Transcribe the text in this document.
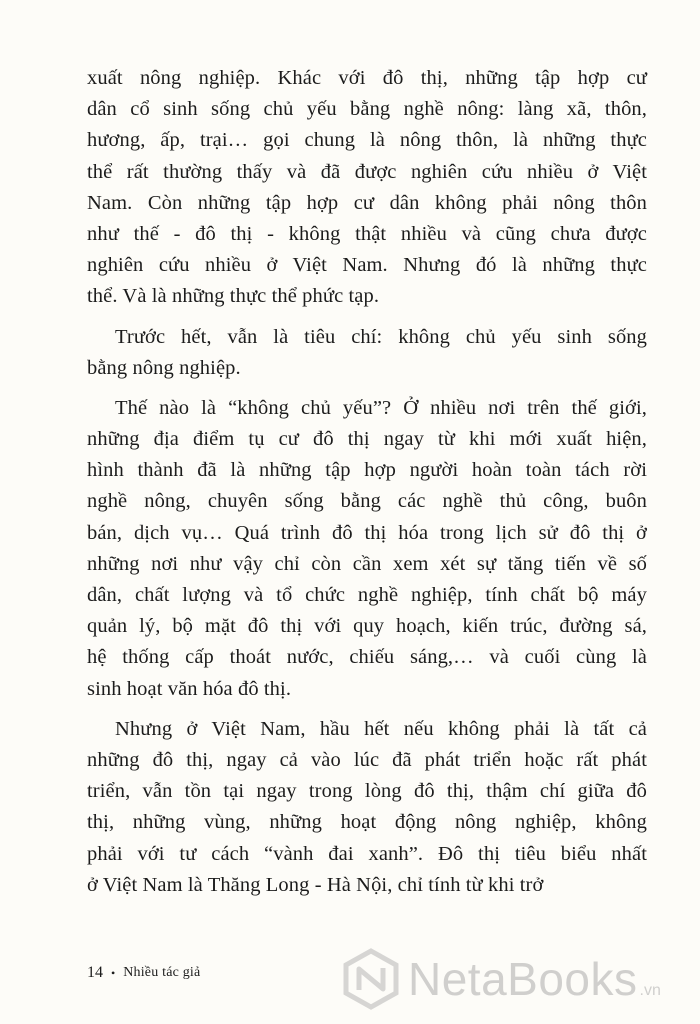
xuất nông nghiệp. Khác với đô thị, những tập hợp cư
dân cổ sinh sống chủ yếu bằng nghề nông: làng xã, thôn,
hương, ấp, trại… gọi chung là nông thôn, là những thực
thể rất thường thấy và đã được nghiên cứu nhiều ở Việt
Nam. Còn những tập hợp cư dân không phải nông thôn
như thế - đô thị - không thật nhiều và cũng chưa được
nghiên cứu nhiều ở Việt Nam. Nhưng đó là những thực
thể. Và là những thực thể phức tạp.
Trước hết, vẫn là tiêu chí: không chủ yếu sinh sống
bằng nông nghiệp.
Thế nào là “không chủ yếu”? Ở nhiều nơi trên thế giới,
những địa điểm tụ cư đô thị ngay từ khi mới xuất hiện,
hình thành đã là những tập hợp người hoàn toàn tách rời
nghề nông, chuyên sống bằng các nghề thủ công, buôn
bán, dịch vụ… Quá trình đô thị hóa trong lịch sử đô thị ở
những nơi như vậy chỉ còn cần xem xét sự tăng tiến về số
dân, chất lượng và tổ chức nghề nghiệp, tính chất bộ máy
quản lý, bộ mặt đô thị với quy hoạch, kiến trúc, đường sá,
hệ thống cấp thoát nước, chiếu sáng,… và cuối cùng là
sinh hoạt văn hóa đô thị.
Nhưng ở Việt Nam, hầu hết nếu không phải là tất cả
những đô thị, ngay cả vào lúc đã phát triển hoặc rất phát
triển, vẫn tồn tại ngay trong lòng đô thị, thậm chí giữa đô
thị, những vùng, những hoạt động nông nghiệp, không
phải với tư cách “vành đai xanh”. Đô thị tiêu biểu nhất
ở Việt Nam là Thăng Long - Hà Nội, chỉ tính từ khi trở
14 • Nhiều tác giả	NetaBooks .vn
